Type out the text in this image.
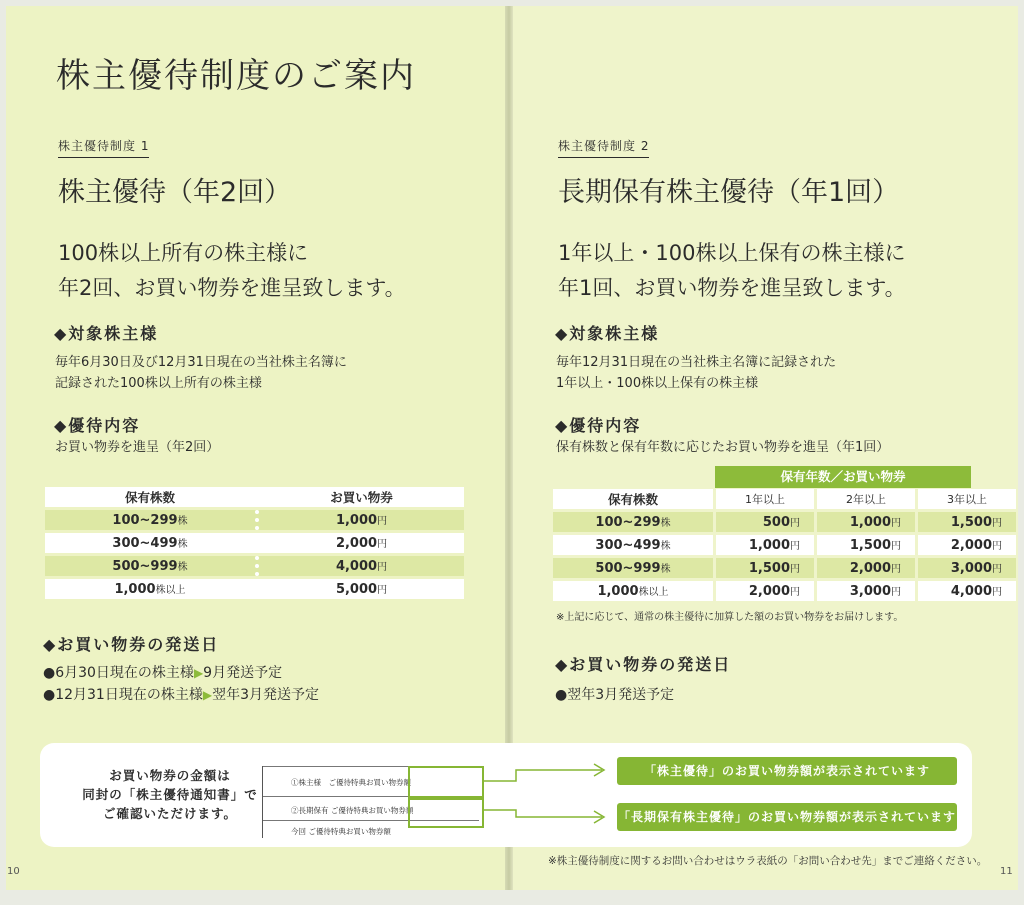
株主優待制度のご案内
株主優待制度 1
株主優待（年2回）
100株以上所有の株主様に
年2回、お買い物券を進呈致します。
◆対象株主様
毎年6月30日及び12月31日現在の当社株主名簿に
記録された100株以上所有の株主様
◆優待内容
お買い物券を進呈（年2回）
保有株数	お買い物券
100~299株	1,000円
300~499株	2,000円
500~999株	4,000円
1,000株以上	5,000円
◆お買い物券の発送日
●6月30日現在の株主様▶9月発送予定
●12月31日現在の株主様▶翌年3月発送予定
株主優待制度 2
長期保有株主優待（年1回）
1年以上・100株以上保有の株主様に
年1回、お買い物券を進呈致します。
◆対象株主様
毎年12月31日現在の当社株主名簿に記録された
1年以上・100株以上保有の株主様
◆優待内容
保有株数と保有年数に応じたお買い物券を進呈（年1回）
保有年数／お買い物券
保有株数	1年以上	2年以上	3年以上
100~299株	500円	1,000円	1,500円
300~499株	1,000円	1,500円	2,000円
500~999株	1,500円	2,000円	3,000円
1,000株以上	2,000円	3,000円	4,000円
※上記に応じて、通常の株主優待に加算した額のお買い物券をお届けします。
◆お買い物券の発送日
●翌年3月発送予定
お買い物券の金額は
同封の「株主優待通知書」で
ご確認いただけます。
①株主様　ご優待特典お買い物券額
②長期保有 ご優待特典お買い物券額
今回 ご優待特典お買い物券額
「株主優待」のお買い物券額が表示されています
「長期保有株主優待」のお買い物券額が表示されています
※株主優待制度に関するお問い合わせはウラ表紙の「お問い合わせ先」までご連絡ください。
10	11
